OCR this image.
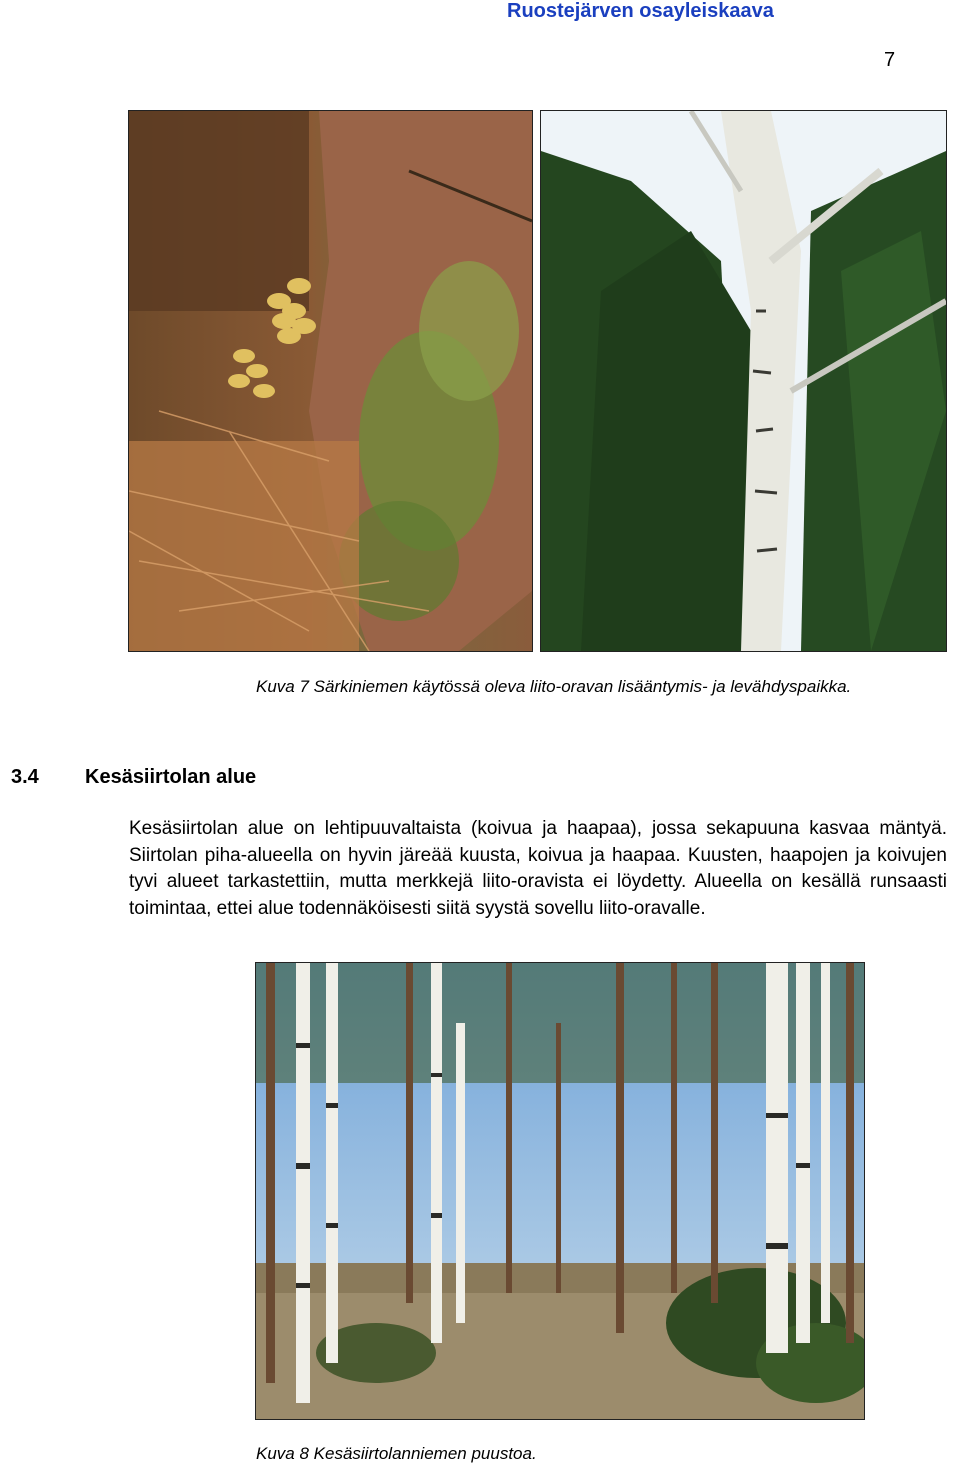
Ruostejärven osayleiskaava
7
Kuva 7 Särkiniemen käytössä oleva liito-oravan lisääntymis- ja levähdyspaikka.
3.4 Kesäsiirtolan alue
Kesäsiirtolan alue on lehtipuuvaltaista (koivua ja haapaa), jossa sekapuuna kasvaa mäntyä. Siirtolan piha-alueella on hyvin järeää kuusta, koivua ja haapaa. Kuusten, haapojen ja koivujen tyvi alueet tarkastettiin, mutta merkkejä liito-oravista ei löydetty. Alueella on kesällä runsaasti toimintaa, ettei alue todennäköisesti siitä syystä sovellu liito-oravalle.
Kuva 8 Kesäsiirtolanniemen puustoa.
